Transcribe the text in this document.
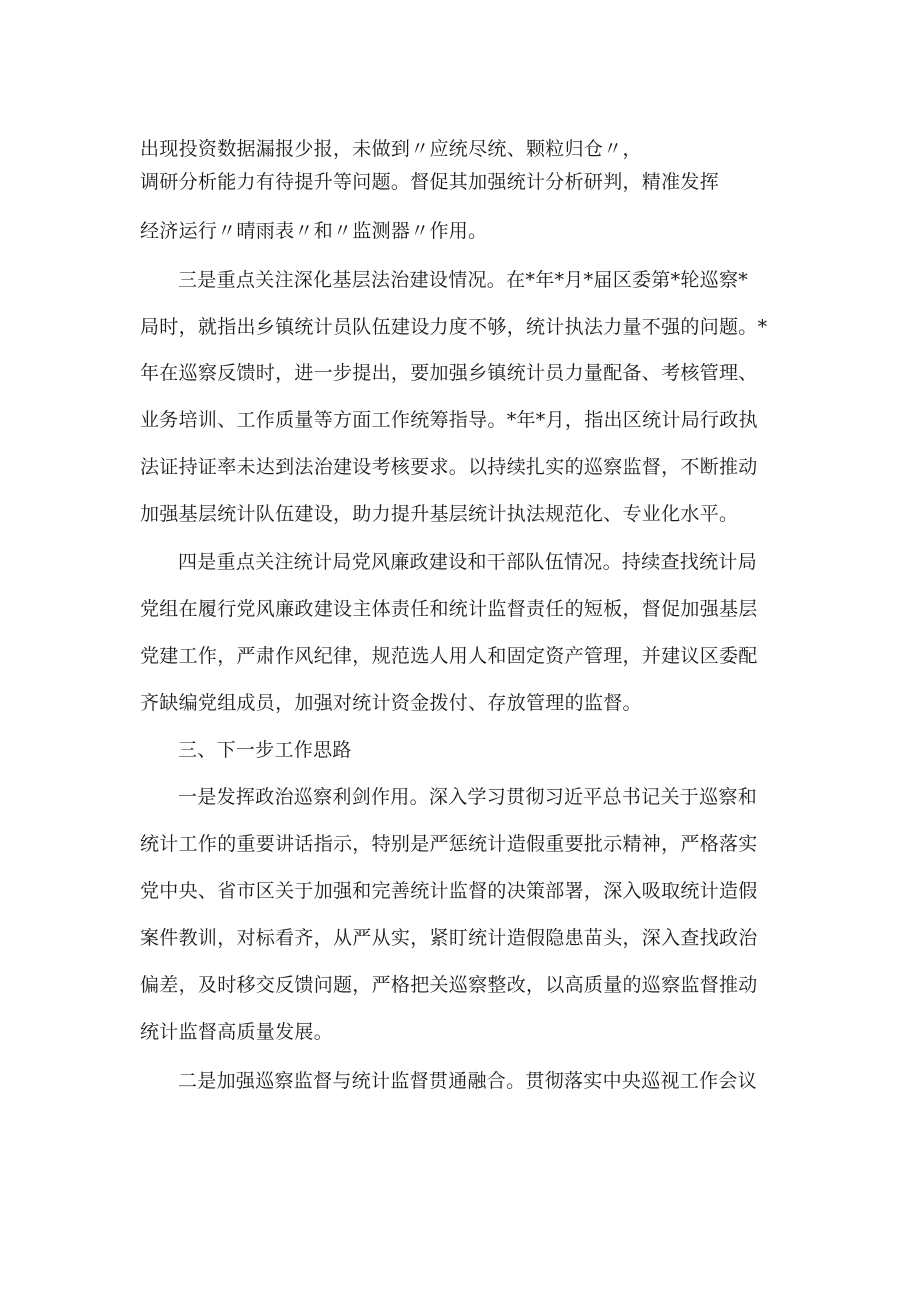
出现投资数据漏报少报，未做到〃应统尽统、颗粒归仓〃，
调研分析能力有待提升等问题。督促其加强统计分析研判，精准发挥
经济运行〃晴雨表〃和〃监测器〃作用。
三是重点关注深化基层法治建设情况。在*年*月*届区委第*轮巡察*
局时，就指出乡镇统计员队伍建设力度不够，统计执法力量不强的问题。*
年在巡察反馈时，进一步提出，要加强乡镇统计员力量配备、考核管理、
业务培训、工作质量等方面工作统筹指导。*年*月，指出区统计局行政执
法证持证率未达到法治建设考核要求。以持续扎实的巡察监督，不断推动
加强基层统计队伍建设，助力提升基层统计执法规范化、专业化水平。
四是重点关注统计局党风廉政建设和干部队伍情况。持续查找统计局
党组在履行党风廉政建设主体责任和统计监督责任的短板，督促加强基层
党建工作，严肃作风纪律，规范选人用人和固定资产管理，并建议区委配
齐缺编党组成员，加强对统计资金拨付、存放管理的监督。
三、下一步工作思路
一是发挥政治巡察利剑作用。深入学习贯彻习近平总书记关于巡察和
统计工作的重要讲话指示，特别是严惩统计造假重要批示精神，严格落实
党中央、省市区关于加强和完善统计监督的决策部署，深入吸取统计造假
案件教训，对标看齐，从严从实，紧盯统计造假隐患苗头，深入查找政治
偏差，及时移交反馈问题，严格把关巡察整改，以高质量的巡察监督推动
统计监督高质量发展。
二是加强巡察监督与统计监督贯通融合。贯彻落实中央巡视工作会议
